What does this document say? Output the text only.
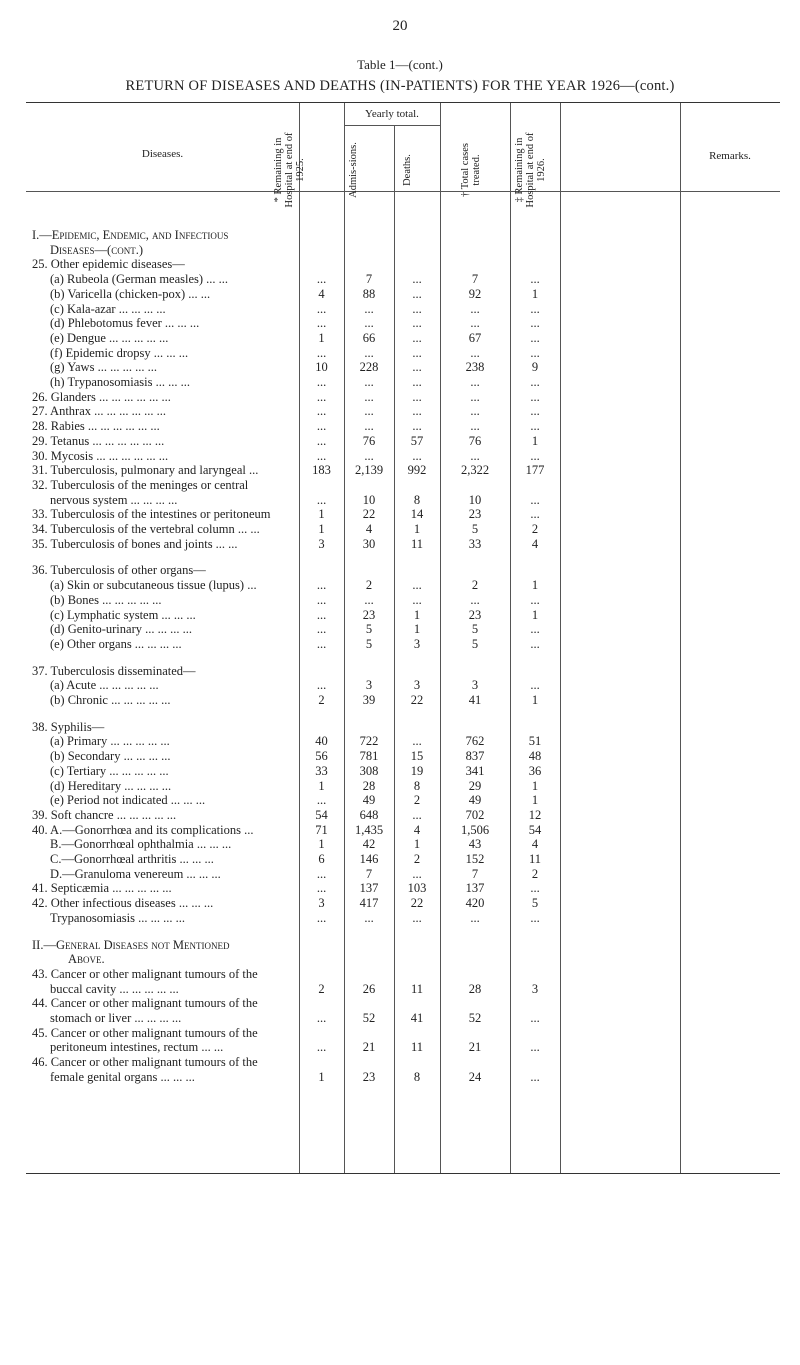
20
Table 1—(cont.)
RETURN OF DISEASES AND DEATHS (IN-PATIENTS) FOR THE YEAR 1926—(cont.)
Diseases.	* Remaining in Hospital at end of 1925.
Yearly total.
Admis-sions.	Deaths.	† Total cases treated.	‡ Remaining in Hospital at end of 1926.
Remarks.
I.—Epidemic, Endemic, and Infectious
Diseases—(cont.)
25. Other epidemic diseases—
(a) Rubeola (German measles) ... ...	...	7	...	7	...
(b) Varicella (chicken-pox) ... ...	4	88	...	92	1
(c) Kala-azar ... ... ... ...	...	...	...	...	...
(d) Phlebotomus fever ... ... ...	...	...	...	...	...
(e) Dengue ... ... ... ... ...	1	66	...	67	...
(f) Epidemic dropsy ... ... ...	...	...	...	...	...
(g) Yaws ... ... ... ... ...	10	228	...	238	9
(h) Trypanosomiasis ... ... ...	...	...	...	...	...
26. Glanders ... ... ... ... ... ...	...	...	...	...	...
27. Anthrax ... ... ... ... ... ...	...	...	...	...	...
28. Rabies ... ... ... ... ... ...	...	...	...	...	...
29. Tetanus ... ... ... ... ... ...	...	76	57	76	1
30. Mycosis ... ... ... ... ... ...	...	...	...	...	...
31. Tuberculosis, pulmonary and laryngeal ...	183	2,139	992	2,322	177
32. Tuberculosis of the meninges or central
nervous system ... ... ... ...	...	10	8	10	...
33. Tuberculosis of the intestines or peritoneum	1	22	14	23	...
34. Tuberculosis of the vertebral column ... ...	1	4	1	5	2
35. Tuberculosis of bones and joints ... ...	3	30	11	33	4
36. Tuberculosis of other organs—
(a) Skin or subcutaneous tissue (lupus) ...	...	2	...	2	1
(b) Bones ... ... ... ... ...	...	...	...	...	...
(c) Lymphatic system ... ... ...	...	23	1	23	1
(d) Genito-urinary ... ... ... ...	...	5	1	5	...
(e) Other organs ... ... ... ...	...	5	3	5	...
37. Tuberculosis disseminated—
(a) Acute ... ... ... ... ...	...	3	3	3	...
(b) Chronic ... ... ... ... ...	2	39	22	41	1
38. Syphilis—
(a) Primary ... ... ... ... ...	40	722	...	762	51
(b) Secondary ... ... ... ...	56	781	15	837	48
(c) Tertiary ... ... ... ... ...	33	308	19	341	36
(d) Hereditary ... ... ... ...	1	28	8	29	1
(e) Period not indicated ... ... ...	...	49	2	49	1
39. Soft chancre ... ... ... ... ...	54	648	...	702	12
40. A.—Gonorrhœa and its complications ...	71	1,435	4	1,506	54
B.—Gonorrhœal ophthalmia ... ... ...	1	42	1	43	4
C.—Gonorrhœal arthritis ... ... ...	6	146	2	152	11
D.—Granuloma venereum ... ... ...	...	7	...	7	2
41. Septicæmia ... ... ... ... ...	...	137	103	137	...
42. Other infectious diseases ... ... ...	3	417	22	420	5
Trypanosomiasis ... ... ... ...	...	...	...	...	...
II.—General Diseases not Mentioned
Above.
43. Cancer or other malignant tumours of the
buccal cavity ... ... ... ... ...	2	26	11	28	3
44. Cancer or other malignant tumours of the
stomach or liver ... ... ... ...	...	52	41	52	...
45. Cancer or other malignant tumours of the
peritoneum intestines, rectum ... ...	...	21	11	21	...
46. Cancer or other malignant tumours of the
female genital organs ... ... ...	1	23	8	24	...
